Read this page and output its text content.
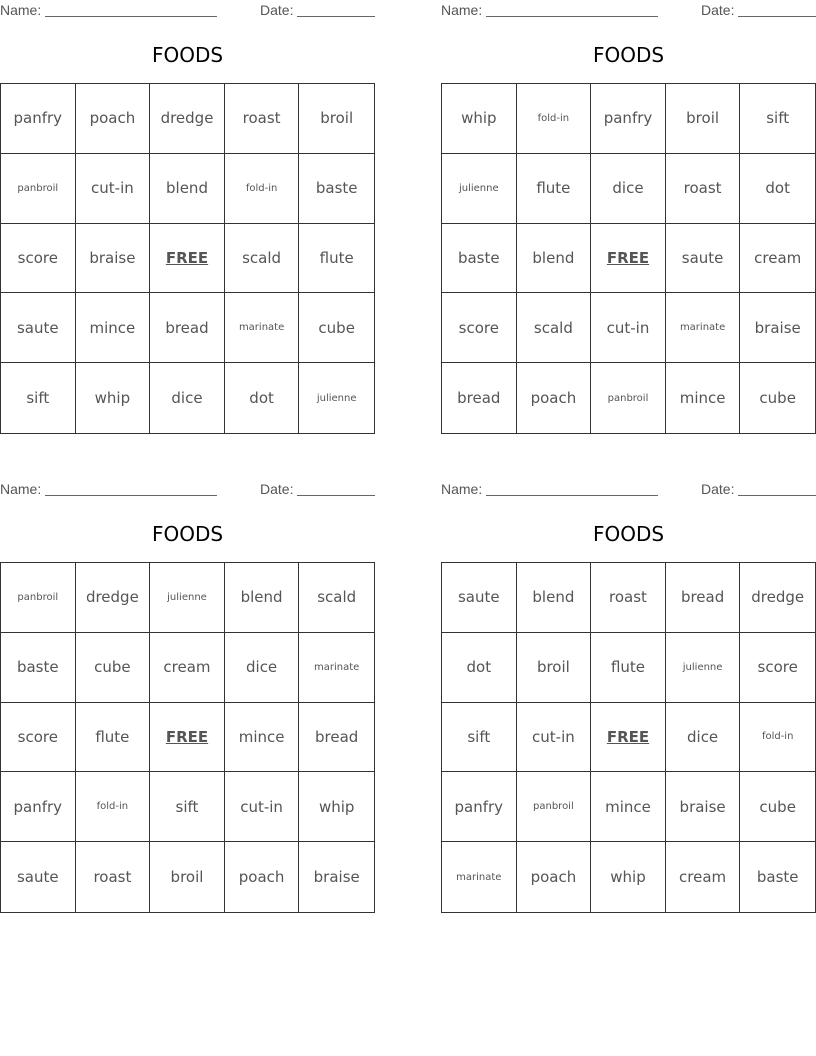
Name:	Date:
FOODS
panfry	poach	dredge	roast	broil
panbroil	cut-in	blend	fold-in	baste
score	braise	FREE	scald	flute
saute	mince	bread	marinate	cube
sift	whip	dice	dot	julienne
Name:	Date:
FOODS
whip	fold-in	panfry	broil	sift
julienne	flute	dice	roast	dot
baste	blend	FREE	saute	cream
score	scald	cut-in	marinate	braise
bread	poach	panbroil	mince	cube
Name:	Date:
FOODS
panbroil	dredge	julienne	blend	scald
baste	cube	cream	dice	marinate
score	flute	FREE	mince	bread
panfry	fold-in	sift	cut-in	whip
saute	roast	broil	poach	braise
Name:	Date:
FOODS
saute	blend	roast	bread	dredge
dot	broil	flute	julienne	score
sift	cut-in	FREE	dice	fold-in
panfry	panbroil	mince	braise	cube
marinate	poach	whip	cream	baste
